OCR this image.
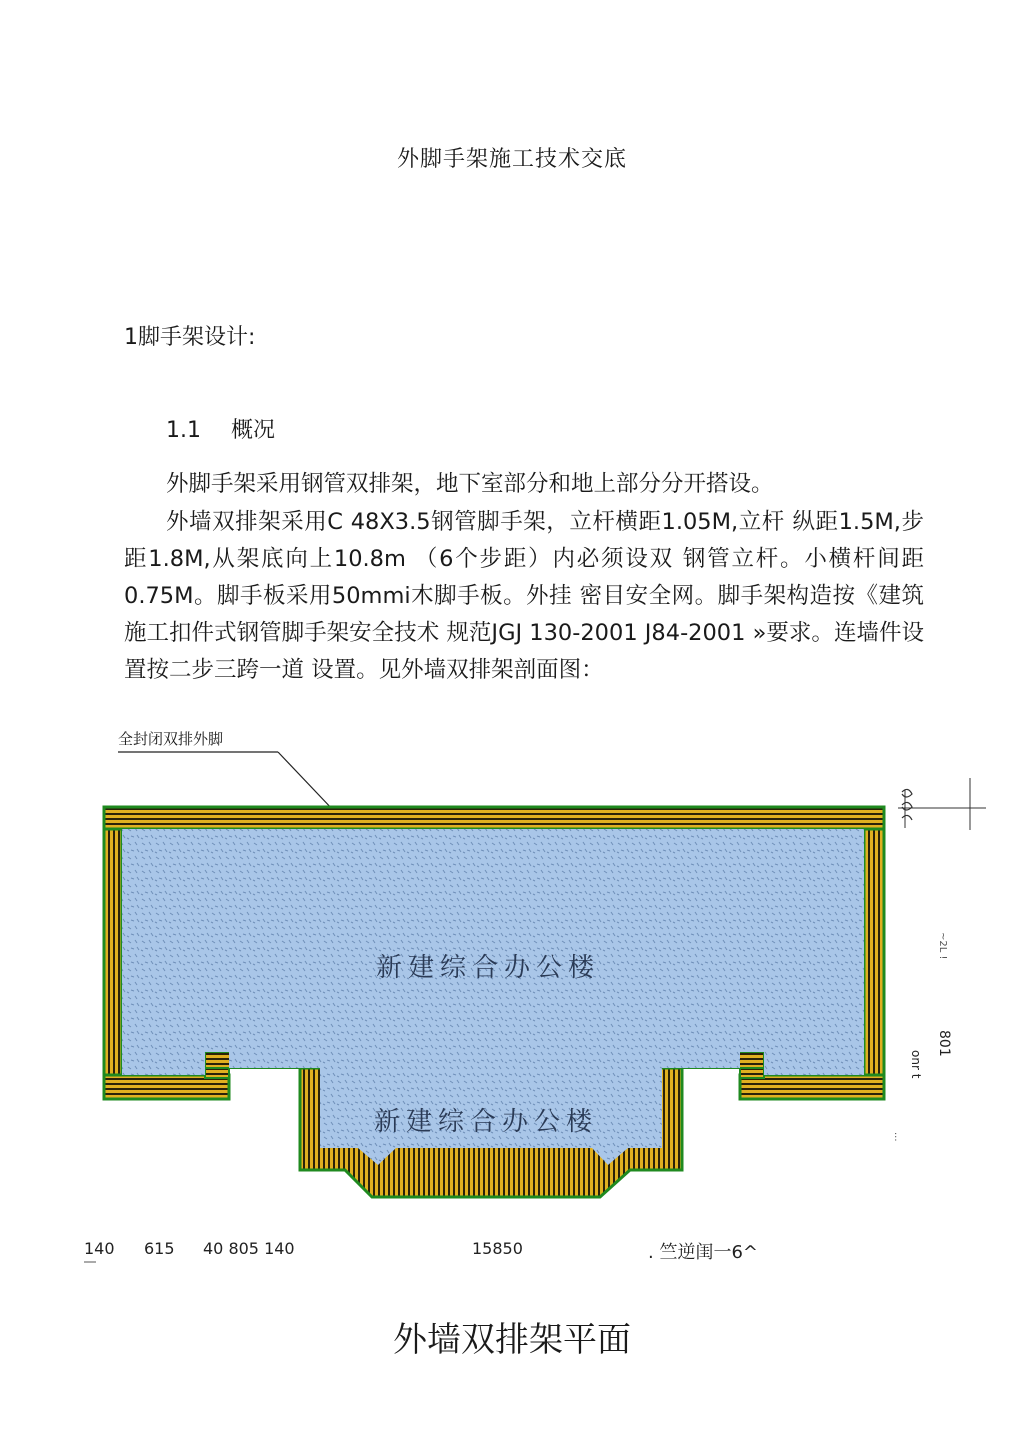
外脚手架施工技术交底
1脚手架设计:
1.1 概况
外脚手架采用钢管双排架，地下室部分和地上部分分开搭设。
外墙双排架采用C 48X3.5钢管脚手架，立杆横距1.05M,立杆 纵距1.5M,步距1.8M,从架底向上10.8m （6个步距）内必须设双 钢管立杆。小横杆间距0.75M。脚手板采用50mmi木脚手板。外挂 密目安全网。脚手架构造按《建筑施工扣件式钢管脚手架安全技术 规范JGJ 130-2001 J84-2001 »要求。连墙件设置按二步三跨一道 设置。见外墙双排架剖面图：
全封闭双排外脚
新建综合办公楼
新建综合办公楼
801
onr t
~2L !
...
140 615 40 805 140	15850	. 竺逆闺一6^
外墙双排架平面
